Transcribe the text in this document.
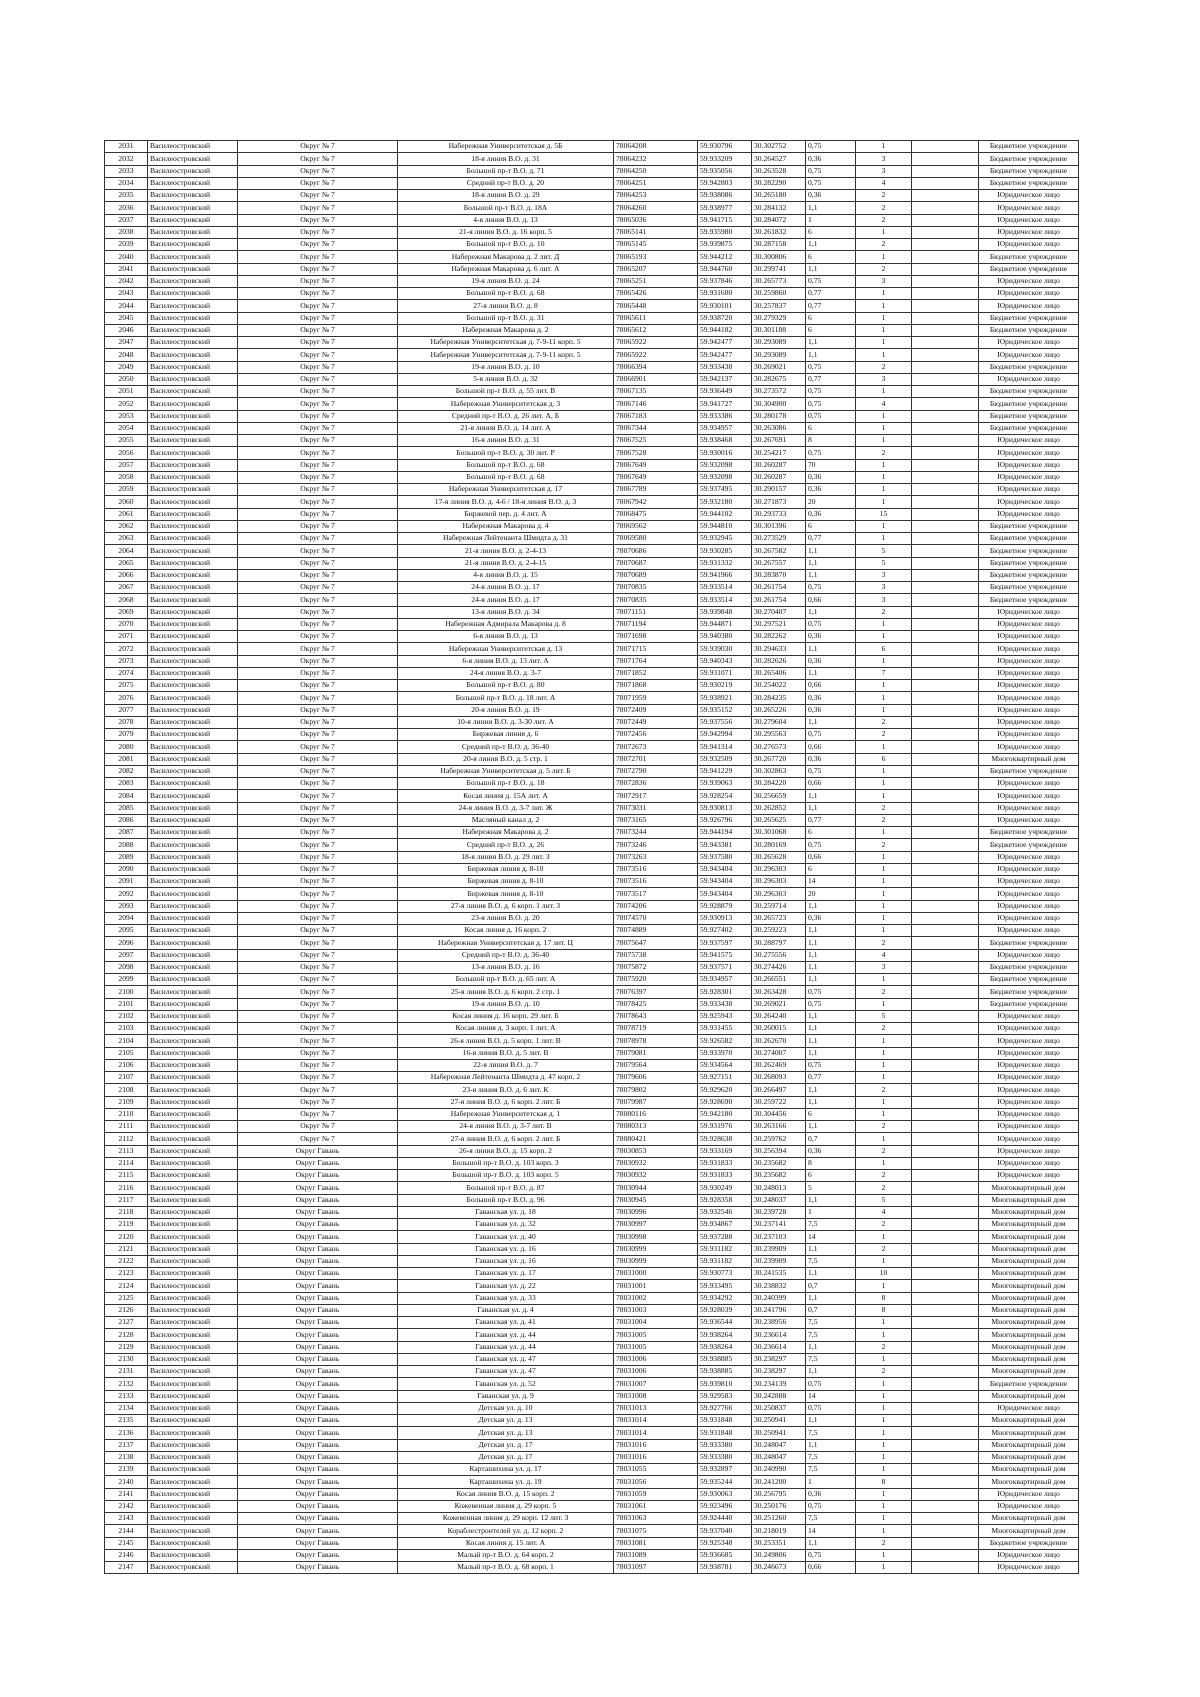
2031	Василеостровский	Округ № 7	Набережная Университетская д. 5Б	78064208	59.930796	30.302752	0,75	1		Бюджетное учреждение
2032	Василеостровский	Округ № 7	18-я линия В.О. д. 31	78064232	59.933209	30.264527	0,36	3		Бюджетное учреждение
2033	Василеостровский	Округ № 7	Большой пр-т В.О. д. 71	78064250	59.935056	30.263528	0,75	3		Бюджетное учреждение
2034	Василеостровский	Округ № 7	Средний пр-т В.О. д. 20	78064251	59.942803	30.282290	0,75	4		Бюджетное учреждение
2035	Василеостровский	Округ № 7	18-я линия В.О. д. 29	78064253	59.938086	30.265180	0,36	2		Юридическое лицо
2036	Василеостровский	Округ № 7	Большой пр-т В.О. д. 18А	78064260	59.938977	30.284132	1,1	2		Юридическое лицо
2037	Василеостровский	Округ № 7	4-я линия В.О. д. 13	78065036	59.941715	30.284072	1	2		Юридическое лицо
2038	Василеостровский	Округ № 7	21-я линия В.О. д. 16 корп. 5	78065141	59.935980	30.261832	6	1		Юридическое лицо
2039	Василеостровский	Округ № 7	Большой пр-т В.О. д. 10	78065145	59.939875	30.287158	1,1	2		Юридическое лицо
2040	Василеостровский	Округ № 7	Набережная Макарова д. 2 лит. Д	78065193	59.944212	30.300806	6	1		Бюджетное учреждение
2041	Василеостровский	Округ № 7	Набережная Макарова д. 6 лит. А	78065207	59.944760	30.299741	1,1	2		Бюджетное учреждение
2042	Василеостровский	Округ № 7	19-я линия В.О. д. 24	78065251	59.937846	30.265773	0,75	3		Юридическое лицо
2043	Василеостровский	Округ № 7	Большой пр-т В.О. д. 68	78065426	59.931600	30.259860	0,77	1		Юридическое лицо
2044	Василеостровский	Округ № 7	27-я линия В.О. д. 8	78065448	59.930101	30.257837	0,77	1		Юридическое лицо
2045	Василеостровский	Округ № 7	Большой пр-т В.О. д. 31	78065611	59.938720	30.279329	6	1		Бюджетное учреждение
2046	Василеостровский	Округ № 7	Набережная Макарова д. 2	78065612	59.944182	30.301188	6	1		Бюджетное учреждение
2047	Василеостровский	Округ № 7	Набережная Университетская д. 7-9-11 корп. 5	78065922	59.942477	30.293089	1,1	1		Юридическое лицо
2048	Василеостровский	Округ № 7	Набережная Университетская д. 7-9-11 корп. 5	78065922	59.942477	30.293089	1,1	1		Юридическое лицо
2049	Василеостровский	Округ № 7	19-я линия В.О. д. 10	78066394	59.933438	30.269021	0,75	2		Бюджетное учреждение
2050	Василеостровский	Округ № 7	5-я линия В.О. д. 32	78066901	59.942137	30.282675	0,77	3		Юридическое лицо
2051	Василеостровский	Округ № 7	Большой пр-т В.О. д. 55 лит. В	78067135	59.936449	30.273572	0,75	1		Бюджетное учреждение
2052	Василеостровский	Округ № 7	Набережная Университетская д. 3	78067146	59.941727	30.304900	0,75	4		Бюджетное учреждение
2053	Василеостровский	Округ № 7	Средний пр-т В.О. д. 26 лит. А, Б	78067183	59.933386	30.280178	0,75	1		Бюджетное учреждение
2054	Василеостровский	Округ № 7	21-я линия В.О. д. 14 лит. А	78067344	59.934957	30.263086	6	1		Бюджетное учреждение
2055	Василеостровский	Округ № 7	16-я линия В.О. д. 31	78067525	59.938468	30.267691	8	1		Юридическое лицо
2056	Василеостровский	Округ № 7	Большой пр-т В.О. д. 30 лит. Р	78067528	59.930016	30.254217	0,75	2		Юридическое лицо
2057	Василеостровский	Округ № 7	Большой пр-т В.О. д. 68	78067649	59.932098	30.260287	70	1		Юридическое лицо
2058	Василеостровский	Округ № 7	Большой пр-т В.О. д. 68	78067649	59.932098	30.260287	0,36	1		Юридическое лицо
2059	Василеостровский	Округ № 7	Набережная Университетская д. 17	78067789	59.937495	30.290157	0,36	1		Юридическое лицо
2060	Василеостровский	Округ № 7	17-я линия В.О. д. 4-6 / 18-я линия В.О. д. 3	78067942	59.932180	30.271873	20	1		Юридическое лицо
2061	Василеостровский	Округ № 7	Биржевой пер. д. 4 лит. А	78068475	59.944102	30.293733	0,36	15		Юридическое лицо
2062	Василеостровский	Округ № 7	Набережная Макарова д. 4	78069562	59.944810	30.301396	6	1		Бюджетное учреждение
2063	Василеостровский	Округ № 7	Набережная Лейтенанта Шмидта д. 31	78069580	59.932945	30.273529	0,77	1		Бюджетное учреждение
2064	Василеостровский	Округ № 7	21-я линия В.О. д. 2-4-13	78070686	59.930285	30.267582	1,1	5		Бюджетное учреждение
2065	Василеостровский	Округ № 7	21-я линия В.О. д. 2-4-15	78070687	59.931332	30.267557	1,1	5		Бюджетное учреждение
2066	Василеостровский	Округ № 7	4-я линия В.О. д. 15	78070689	59.941966	30.283870	1,1	3		Бюджетное учреждение
2067	Василеостровский	Округ № 7	24-я линия В.О. д. 17	78070835	59.933514	30.261754	0,75	3		Бюджетное учреждение
2068	Василеостровский	Округ № 7	24-я линия В.О. д. 17	78070835	59.933514	30.261754	0,66	3		Бюджетное учреждение
2069	Василеостровский	Округ № 7	13-я линия В.О. д. 34	78071151	59.939848	30.270407	1,1	2		Юридическое лицо
2070	Василеостровский	Округ № 7	Набережная Адмирала Макарова д. 8	78071194	59.944871	30.297521	0,75	1		Юридическое лицо
2071	Василеостровский	Округ № 7	6-я линия В.О. д. 13	78071698	59.940380	30.282262	0,36	1		Юридическое лицо
2072	Василеостровский	Округ № 7	Набережная Университетская д. 13	78071715	59.939030	30.294633	1,1	6		Юридическое лицо
2073	Василеостровский	Округ № 7	6-я линия В.О. д. 13 лит. А	78071764	59.940343	30.282626	0,36	1		Юридическое лицо
2074	Василеостровский	Округ № 7	24-я линия В.О. д. 3-7	78071852	59.931071	30.265406	1,1	7		Юридическое лицо
2075	Василеостровский	Округ № 7	Большой пр-т В.О. д. 80	78071868	59.930219	30.254022	0,66	1		Юридическое лицо
2076	Василеостровский	Округ № 7	Большой пр-т В.О. д. 18 лит. А	78071959	59.938921	30.284235	0,36	1		Юридическое лицо
2077	Василеостровский	Округ № 7	20-я линия В.О. д. 19	78072409	59.935152	30.265226	0,36	1		Юридическое лицо
2078	Василеостровский	Округ № 7	10-я линия В.О. д. 3-30 лит. А	78072449	59.937556	30.279604	1,1	2		Юридическое лицо
2079	Василеостровский	Округ № 7	Биржевая линия д. 6	78072456	59.942994	30.295563	0,75	2		Юридическое лицо
2080	Василеостровский	Округ № 7	Средний пр-т В.О. д. 36-40	78072673	59.941314	30.276573	0,66	1		Юридическое лицо
2081	Василеостровский	Округ № 7	20-я линия В.О. д. 5 стр. 1	78072701	59.932509	30.267720	0,36	6		Многоквартирный дом
2082	Василеостровский	Округ № 7	Набережная Университетская д. 5 лит. Б	78072790	59.941229	30.302863	0,75	1		Бюджетное учреждение
2083	Василеостровский	Округ № 7	Большой пр-т В.О. д. 18	78072836	59.939063	30.284220	0,66	1		Юридическое лицо
2084	Василеостровский	Округ № 7	Косая линия д. 15А лит. А	78072917	59.928254	30.256659	1,1	1		Юридическое лицо
2085	Василеостровский	Округ № 7	24-я линия В.О. д. 3-7 лит. Ж	78073031	59.930813	30.262852	1,1	2		Юридическое лицо
2086	Василеостровский	Округ № 7	Масляный канал д. 2	78073165	59.926796	30.265625	0,77	2		Юридическое лицо
2087	Василеостровский	Округ № 7	Набережная Макарова д. 2	78073244	59.944194	30.301068	6	1		Бюджетное учреждение
2088	Василеостровский	Округ № 7	Средний пр-т В.О. д. 26	78073246	59.943381	30.280169	0,75	2		Бюджетное учреждение
2089	Василеостровский	Округ № 7	18-я линия В.О. д. 29 лит. З	78073263	59.937580	30.265628	0,66	1		Юридическое лицо
2090	Василеостровский	Округ № 7	Биржевая линия д. 8-10	78073516	59.943404	30.296303	6	1		Юридическое лицо
2091	Василеостровский	Округ № 7	Биржевая линия д. 8-10	78073516	59.943404	30.296303	14	1		Юридическое лицо
2092	Василеостровский	Округ № 7	Биржевая линия д. 8-10	78073517	59.943404	30.296303	20	1		Юридическое лицо
2093	Василеостровский	Округ № 7	27-я линия В.О. д. 6 корп. 1 лит. З	78074206	59.928879	30.259714	1,1	1		Юридическое лицо
2094	Василеостровский	Округ № 7	23-я линия В.О. д. 20	78074570	59.930913	30.265723	0,36	1		Юридическое лицо
2095	Василеостровский	Округ № 7	Косая линия д. 16 корп. 2	78074889	59.927402	30.259223	1,1	1		Юридическое лицо
2096	Василеостровский	Округ № 7	Набережная Университетская д. 17 лит. Ц	78075647	59.937597	30.288797	1,1	2		Бюджетное учреждение
2097	Василеостровский	Округ № 7	Средний пр-т В.О. д. 36-40	78075738	59.941575	30.275556	1,1	4		Юридическое лицо
2098	Василеостровский	Округ № 7	13-я линия В.О. д. 16	78075872	59.937571	30.274426	1,1	3		Бюджетное учреждение
2099	Василеостровский	Округ № 7	Большой пр-т В.О. д. 65 лит. А	78075920	59.934957	30.266551	1,1	1		Бюджетное учреждение
2100	Василеостровский	Округ № 7	25-я линия В.О. д. 6 корп. 2 стр. 1	78076397	59.928301	30.263428	0,75	2		Бюджетное учреждение
2101	Василеостровский	Округ № 7	19-я линия В.О. д. 10	78078425	59.933438	30.269021	0,75	1		Бюджетное учреждение
2102	Василеостровский	Округ № 7	Косая линия д. 16 корп. 29 лит. Б	78078643	59.925943	30.264240	1,1	5		Юридическое лицо
2103	Василеостровский	Округ № 7	Косая линия д. 3 корп. 1 лит. А	78078719	59.931455	30.260015	1,1	2		Юридическое лицо
2104	Василеостровский	Округ № 7	26-я линия В.О. д. 5 корп. 1 лит. В	78078978	59.926582	30.262670	1,1	1		Юридическое лицо
2105	Василеостровский	Округ № 7	16-я линия В.О. д. 5 лит. В	78079081	59.933970	30.274007	1,1	1		Юридическое лицо
2106	Василеостровский	Округ № 7	22-я линия В.О. д. 7	78079564	59.934564	30.262469	0,75	1		Юридическое лицо
2107	Василеостровский	Округ № 7	Набережная Лейтенанта Шмидта д. 47 корп. 2	78079606	59.927151	30.268093	0,77	1		Юридическое лицо
2108	Василеостровский	Округ № 7	23-я линия В.О. д. 6 лит. К	78079802	59.929620	30.266497	1,1	2		Юридическое лицо
2109	Василеостровский	Округ № 7	27-я линия В.О. д. 6 корп. 2 лит. Б	78079987	59.928690	30.259722	1,1	1		Юридическое лицо
2110	Василеостровский	Округ № 7	Набережная Университетская д. 1	78080116	59.942180	30.304456	6	1		Юридическое лицо
2111	Василеостровский	Округ № 7	24-я линия В.О. д. 3-7 лит. В	78080313	59.931976	30.263166	1,1	2		Юридическое лицо
2112	Василеостровский	Округ № 7	27-я линия В.О. д. 6 корп. 2 лит. Б	78080421	59.928638	30.259762	0,7	1		Юридическое лицо
2113	Василеостровский	Округ Гавань	26-я линия В.О. д. 15 корп. 2	78030853	59.933169	30.256394	0,36	2		Юридическое лицо
2114	Василеостровский	Округ Гавань	Большой пр-т В.О. д. 103 корп. 3	78030932	59.931833	30.235682	8	1		Юридическое лицо
2115	Василеостровский	Округ Гавань	Большой пр-т В.О. д. 103 корп. 5	78030932	59.931833	30.235682	6	2		Юридическое лицо
2116	Василеостровский	Округ Гавань	Большой пр-т В.О. д. 87	78030944	59.930249	30.248013	5	2		Многоквартирный дом
2117	Василеостровский	Округ Гавань	Большой пр-т В.О. д. 96	78030945	59.928358	30.248037	1,1	5		Многоквартирный дом
2118	Василеостровский	Округ Гавань	Гаванская ул. д. 18	78030996	59.932546	30.239728	1	4		Многоквартирный дом
2119	Василеостровский	Округ Гавань	Гаванская ул. д. 32	78030997	59.934867	30.237141	7,5	2		Многоквартирный дом
2120	Василеостровский	Округ Гавань	Гаванская ул. д. 40	78030998	59.937288	30.237103	14	1		Многоквартирный дом
2121	Василеостровский	Округ Гавань	Гаванская ул. д. 16	78030999	59.931182	30.239909	1,1	2		Многоквартирный дом
2122	Василеостровский	Округ Гавань	Гаванская ул. д. 16	78030999	59.931182	30.239909	7,5	1		Многоквартирный дом
2123	Василеостровский	Округ Гавань	Гаванская ул. д. 17	78031000	59.930773	30.241535	1,1	10		Многоквартирный дом
2124	Василеостровский	Округ Гавань	Гаванская ул. д. 22	78031001	59.933495	30.238832	0,7	1		Многоквартирный дом
2125	Василеостровский	Округ Гавань	Гаванская ул. д. 33	78031002	59.934292	30.240399	1,1	8		Многоквартирный дом
2126	Василеостровский	Округ Гавань	Гаванская ул. д. 4	78031003	59.928039	30.241796	0,7	8		Многоквартирный дом
2127	Василеостровский	Округ Гавань	Гаванская ул. д. 41	78031004	59.936544	30.238956	7,5	1		Многоквартирный дом
2128	Василеостровский	Округ Гавань	Гаванская ул. д. 44	78031005	59.938264	30.236614	7,5	1		Многоквартирный дом
2129	Василеостровский	Округ Гавань	Гаванская ул. д. 44	78031005	59.938264	30.236614	1,1	2		Многоквартирный дом
2130	Василеостровский	Округ Гавань	Гаванская ул. д. 47	78031006	59.938885	30.238297	7,5	1		Многоквартирный дом
2131	Василеостровский	Округ Гавань	Гаванская ул. д. 47	78031006	59.938885	30.238297	1,1	2		Многоквартирный дом
2132	Василеостровский	Округ Гавань	Гаванская ул. д. 52	78031007	59.939810	30.234139	0,75	1		Бюджетное учреждение
2133	Василеостровский	Округ Гавань	Гаванская ул. д. 9	78031008	59.929583	30.242888	14	1		Многоквартирный дом
2134	Василеостровский	Округ Гавань	Детская ул. д. 10	78031013	59.927766	30.250837	0,75	1		Юридическое лицо
2135	Василеостровский	Округ Гавань	Детская ул. д. 13	78031014	59.931848	30.250941	1,1	1		Многоквартирный дом
2136	Василеостровский	Округ Гавань	Детская ул. д. 13	78031014	59.931848	30.250941	7,5	1		Многоквартирный дом
2137	Василеостровский	Округ Гавань	Детская ул. д. 17	78031016	59.933380	30.248047	1,1	1		Многоквартирный дом
2138	Василеостровский	Округ Гавань	Детская ул. д. 17	78031016	59.933380	30.248047	7,5	1		Многоквартирный дом
2139	Василеостровский	Округ Гавань	Карташихина ул. д. 17	78031055	59.932897	30.240990	7,5	1		Многоквартирный дом
2140	Василеостровский	Округ Гавань	Карташихина ул. д. 19	78031056	59.935244	30.241200	1	8		Многоквартирный дом
2141	Василеостровский	Округ Гавань	Косая линия В.О. д. 15 корп. 2	78031059	59.930063	30.256795	0,36	1		Юридическое лицо
2142	Василеостровский	Округ Гавань	Кожевенная линия д. 29 корп. 5	78031061	59.923496	30.250176	0,75	1		Юридическое лицо
2143	Василеостровский	Округ Гавань	Кожевенная линия д. 29 корп. 12 лит. З	78031063	59.924440	30.251260	7,5	1		Многоквартирный дом
2144	Василеостровский	Округ Гавань	Кораблестроителей ул. д. 12 корп. 2	78031075	59.937040	30.218019	14	1		Многоквартирный дом
2145	Василеостровский	Округ Гавань	Косая линия д. 15 лит. А	78031081	59.925348	30.253351	1,1	2		Бюджетное учреждение
2146	Василеостровский	Округ Гавань	Малый пр-т В.О. д. 64 корп. 2	78031089	59.936685	30.249806	0,75	1		Юридическое лицо
2147	Василеостровский	Округ Гавань	Малый пр-т В.О. д. 68 корп. 1	78031097	59.938781	30.246673	0,66	1		Юридическое лицо
